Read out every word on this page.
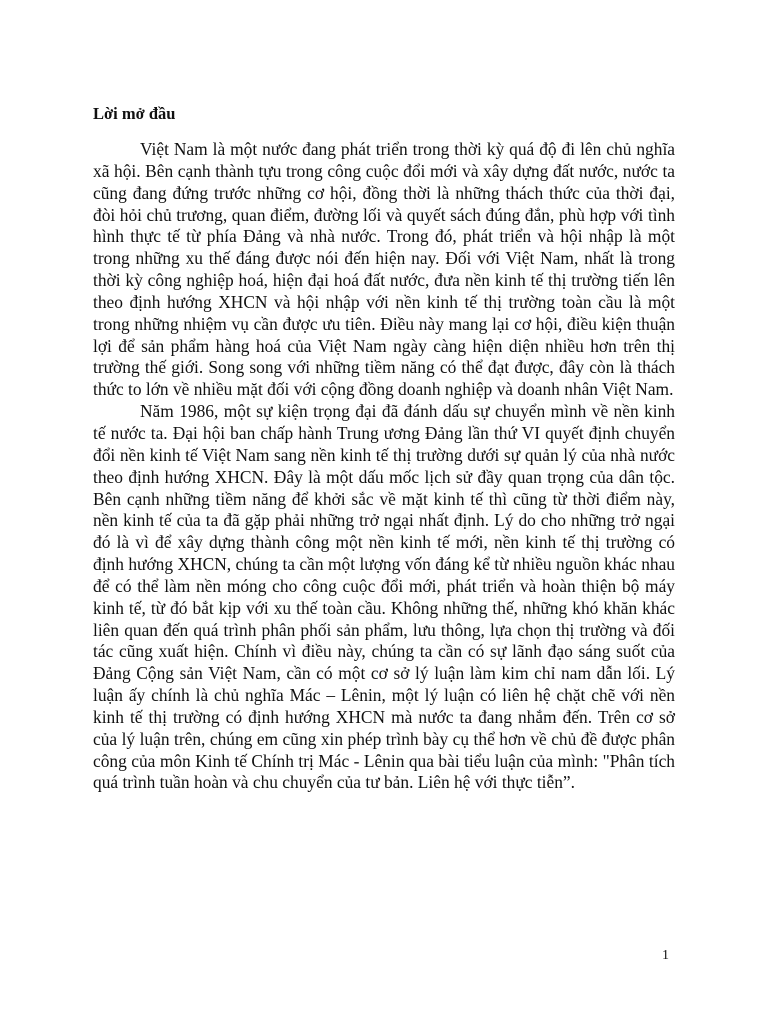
Lời mở đầu

Việt Nam là một nước đang phát triển trong thời kỳ quá độ đi lên chủ nghĩa xã hội. Bên cạnh thành tựu trong công cuộc đổi mới và xây dựng đất nước, nước ta cũng đang đứng trước những cơ hội, đồng thời là những thách thức của thời đại, đòi hỏi chủ trương, quan điểm, đường lối và quyết sách đúng đắn, phù hợp với tình hình thực tế từ phía Đảng và nhà nước. Trong đó, phát triển và hội nhập là một trong những xu thế đáng được nói đến hiện nay. Đối với Việt Nam, nhất là trong thời kỳ công nghiệp hoá, hiện đại hoá đất nước, đưa nền kinh tế thị trường tiến lên theo định hướng XHCN và hội nhập với nền kinh tế thị trường toàn cầu là một trong những nhiệm vụ cần được ưu tiên. Điều này mang lại cơ hội, điều kiện thuận lợi để sản phẩm hàng hoá của Việt Nam ngày càng hiện diện nhiều hơn trên thị trường thế giới. Song song với những tiềm năng có thể đạt được, đây còn là thách thức to lớn về nhiều mặt đối với cộng đồng doanh nghiệp và doanh nhân Việt Nam.

Năm 1986, một sự kiện trọng đại đã đánh dấu sự chuyển mình về nền kinh tế nước ta. Đại hội ban chấp hành Trung ương Đảng lần thứ VI quyết định chuyển đổi nền kinh tế Việt Nam sang nền kinh tế thị trường dưới sự quản lý của nhà nước theo định hướng XHCN. Đây là một dấu mốc lịch sử đầy quan trọng của dân tộc. Bên cạnh những tiềm năng để khởi sắc về mặt kinh tế thì cũng từ thời điểm này, nền kinh tế của ta đã gặp phải những trở ngại nhất định. Lý do cho những trở ngại đó là vì để xây dựng thành công một nền kinh tế mới, nền kinh tế thị trường có định hướng XHCN, chúng ta cần một lượng vốn đáng kể từ nhiều nguồn khác nhau để có thể làm nền móng cho công cuộc đổi mới, phát triển và hoàn thiện bộ máy kinh tế, từ đó bắt kịp với xu thế toàn cầu. Không những thế, những khó khăn khác liên quan đến quá trình phân phối sản phẩm, lưu thông, lựa chọn thị trường và đối tác cũng xuất hiện. Chính vì điều này, chúng ta cần có sự lãnh đạo sáng suốt của Đảng Cộng sản Việt Nam, cần có một cơ sở lý luận làm kim chỉ nam dẫn lối. Lý luận ấy chính là chủ nghĩa Mác – Lênin, một lý luận có liên hệ chặt chẽ với nền kinh tế thị trường có định hướng XHCN mà nước ta đang nhắm đến. Trên cơ sở của lý luận trên, chúng em cũng xin phép trình bày cụ thể hơn về chủ đề được phân công của môn Kinh tế Chính trị Mác - Lênin qua bài tiểu luận của mình: "Phân tích quá trình tuần hoàn và chu chuyển của tư bản. Liên hệ với thực tiễn”.

1
